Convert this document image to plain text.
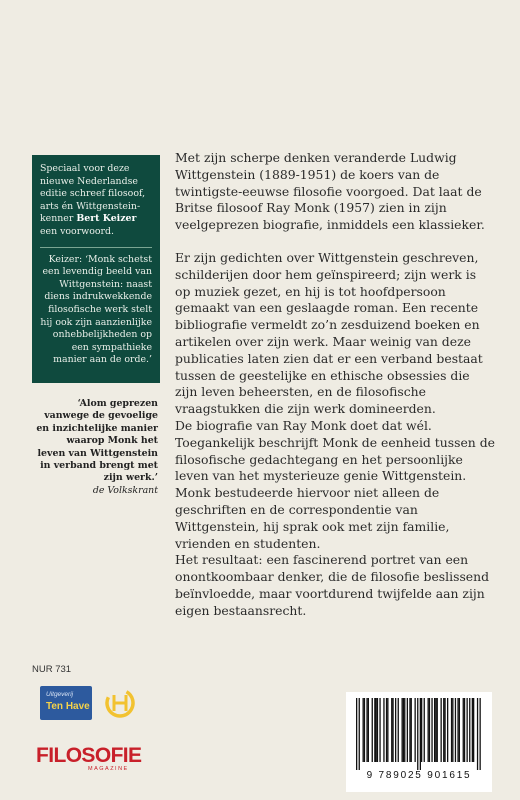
Speciaal voor deze nieuwe Nederlandse editie schreef filosoof, arts én Wittgenstein-kenner Bert Keizer een voorwoord.

Keizer: ‘Monk schetst een levendig beeld van Wittgenstein: naast diens indrukwekkende filosofische werk stelt hij ook zijn aanzienlijke onhebbelijkheden op een sympathieke manier aan de orde.’

‘Alom geprezen vanwege de gevoelige en inzichtelijke manier waarop Monk het leven van Wittgenstein in verband brengt met zijn werk.’
de Volkskrant

Met zijn scherpe denken veranderde Ludwig Wittgenstein (1889-1951) de koers van de twintigste-eeuwse filosofie voorgoed. Dat laat de Britse filosoof Ray Monk (1957) zien in zijn veelgeprezen biografie, inmiddels een klassieker.

Er zijn gedichten over Wittgenstein geschreven, schilderijen door hem geïnspireerd; zijn werk is op muziek gezet, en hij is tot hoofdpersoon gemaakt van een geslaagde roman. Een recente bibliografie vermeldt zo’n zesduizend boeken en artikelen over zijn werk. Maar weinig van deze publicaties laten zien dat er een verband bestaat tussen de geestelijke en ethische obsessies die zijn leven beheersten, en de filosofische vraagstukken die zijn werk domineerden.

De biografie van Ray Monk doet dat wél. Toegankelijk beschrijft Monk de eenheid tussen de filosofische gedachtegang en het persoonlijke leven van het mysterieuze genie Wittgenstein. Monk bestudeerde hiervoor niet alleen de geschriften en de correspondentie van Wittgenstein, hij sprak ook met zijn familie, vrienden en studenten.

Het resultaat: een fascinerend portret van een onontkoombaar denker, die de filosofie beslissend beïnvloedde, maar voortdurend twijfelde aan zijn eigen bestaansrecht.

NUR 731
Uitgeverij
Ten Have
FILOSOFIE
MAGAZINE
9 789025 901615
